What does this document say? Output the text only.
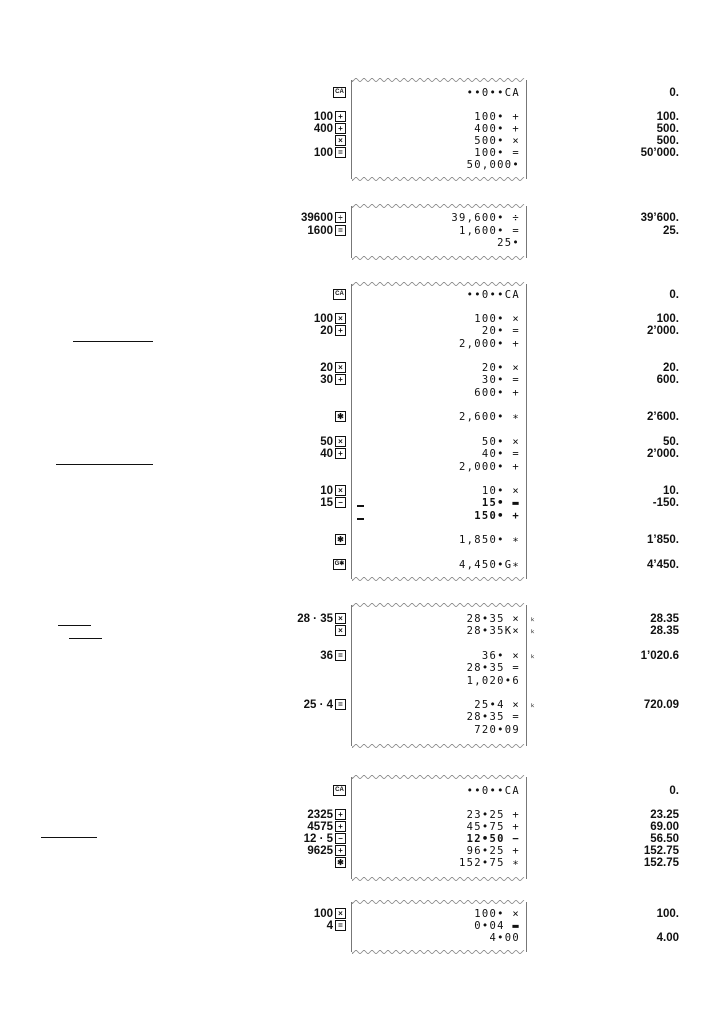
CA	••0••CA	0.
100 +	100• +	100.
400 +	400• +	500.
×	500• ×	500.
100 =	100• =	50’000.
50,000•
39600 ÷	39,600• ÷	39’600.
1600 =	1,600• =	25.
25•
CA	••0••CA	0.
100 ×	100• ×	100.
20 +	20• =	2’000.
2,000• +
20 ×	20• ×	20.
30 +	30• =	600.
600• +
✱	2,600• ∗	2’600.
50 ×	50• ×	50.
40 +	40• =	2’000.
2,000• +
10 ×	10• ×	10.
15 −	15• ▬	-150.
150• +
✱	1,850• ∗	1’850.
G✱	4,450•G∗	4’450.
28 · 35 ×	28•35 × ₖ	28.35
×	28•35K× ₖ	28.35
36 =	36• × ₖ	1’020.6
28•35 =
1,020•6
25 · 4 =	25•4 × ₖ	720.09
28•35 =
720•09
CA	••0••CA	0.
2325 +	23•25 +	23.25
4575 +	45•75 +	69.00
12 · 5 −	12•50 −	56.50
9625 +	96•25 +	152.75
✱	152•75 ∗	152.75
100 ×	100• ×	100.
4 =	0•04 ▬
4•00	4.00
